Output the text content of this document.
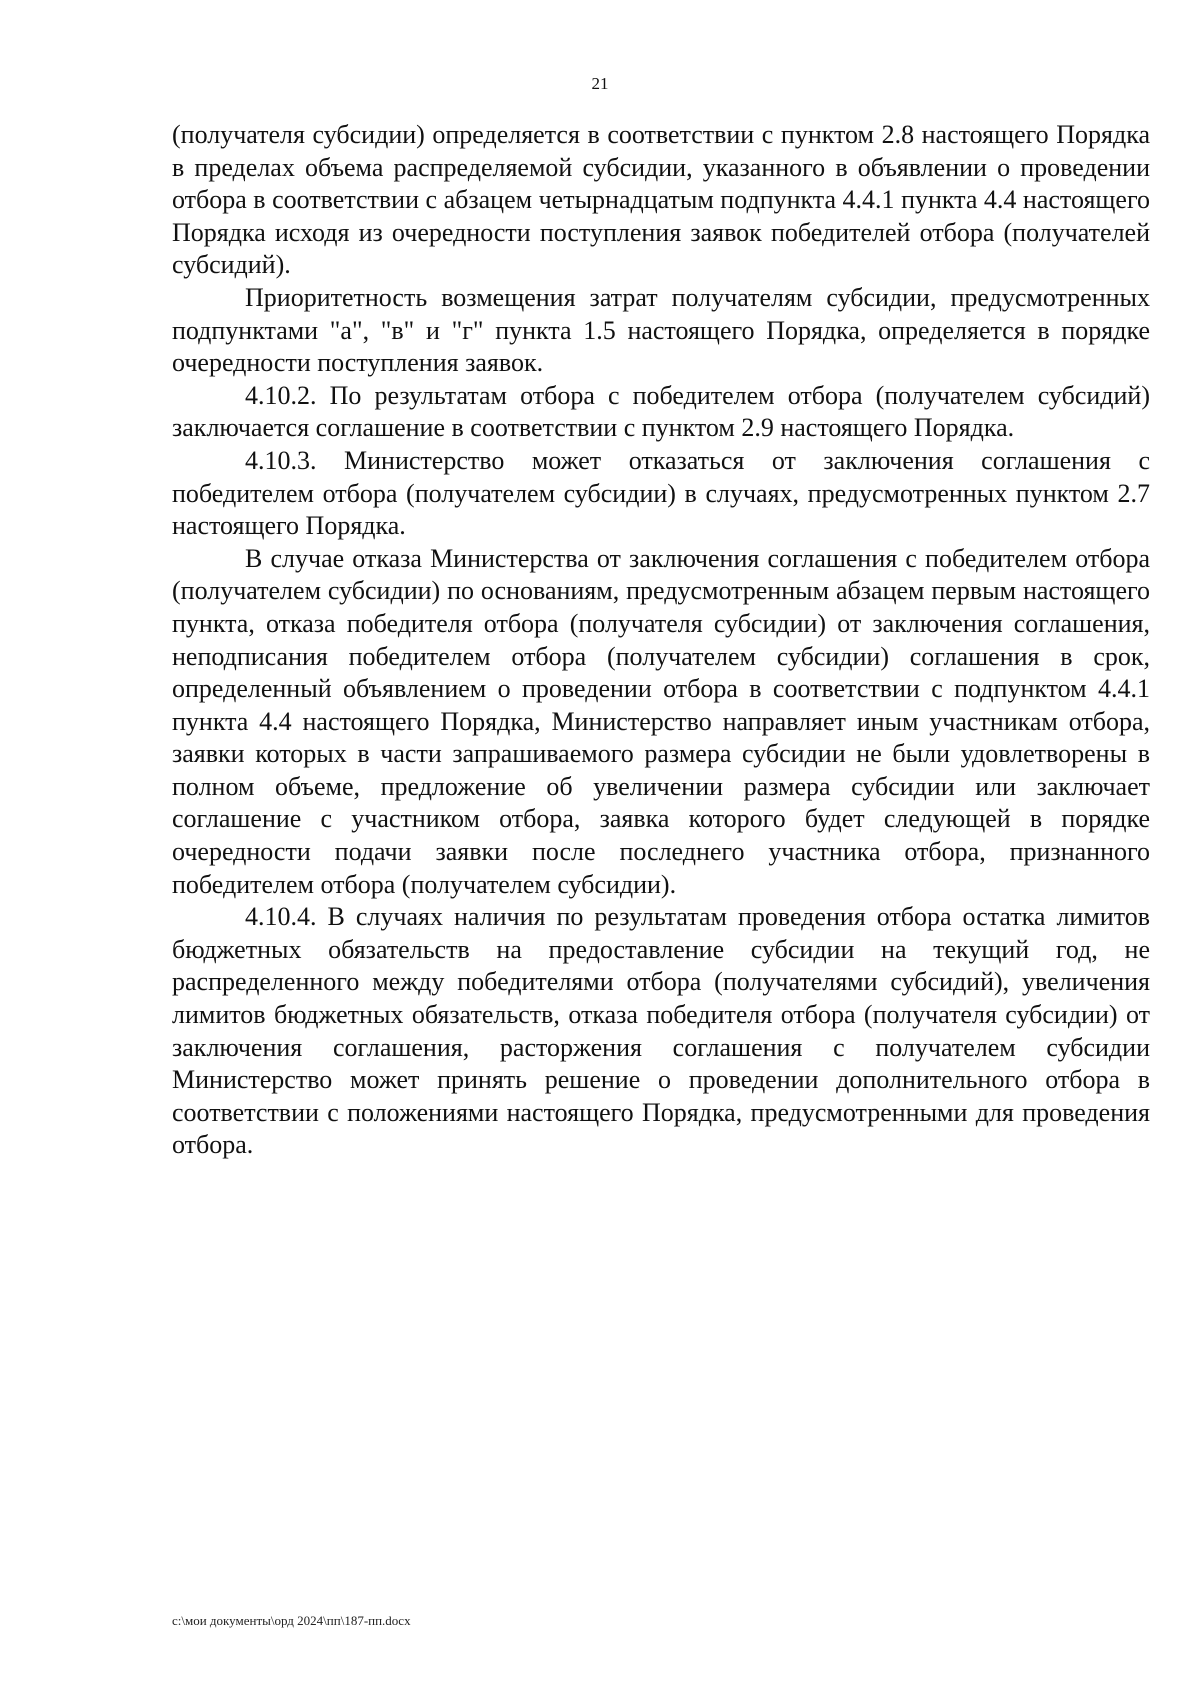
21

(получателя субсидии) определяется в соответствии с пунктом 2.8 настоящего Порядка в пределах объема распределяемой субсидии, указанного в объявлении о проведении отбора в соответствии с абзацем четырнадцатым подпункта 4.4.1 пункта 4.4 настоящего Порядка исходя из очередности поступления заявок победителей отбора (получателей субсидий).

Приоритетность возмещения затрат получателям субсидии, предусмотренных подпунктами "а", "в" и "г" пункта 1.5 настоящего Порядка, определяется в порядке очередности поступления заявок.

4.10.2. По результатам отбора с победителем отбора (получателем субсидий) заключается соглашение в соответствии с пунктом 2.9 настоящего Порядка.

4.10.3. Министерство может отказаться от заключения соглашения с победителем отбора (получателем субсидии) в случаях, предусмотренных пунктом 2.7 настоящего Порядка.

В случае отказа Министерства от заключения соглашения с победителем отбора (получателем субсидии) по основаниям, предусмотренным абзацем первым настоящего пункта, отказа победителя отбора (получателя субсидии) от заключения соглашения, неподписания победителем отбора (получателем субсидии) соглашения в срок, определенный объявлением о проведении отбора в соответствии с подпунктом 4.4.1 пункта 4.4 настоящего Порядка, Министерство направляет иным участникам отбора, заявки которых в части запрашиваемого размера субсидии не были удовлетворены в полном объеме, предложение об увеличении размера субсидии или заключает соглашение с участником отбора, заявка которого будет следующей в порядке очередности подачи заявки после последнего участника отбора, признанного победителем отбора (получателем субсидии).

4.10.4. В случаях наличия по результатам проведения отбора остатка лимитов бюджетных обязательств на предоставление субсидии на текущий год, не распределенного между победителями отбора (получателями субсидий), увеличения лимитов бюджетных обязательств, отказа победителя отбора (получателя субсидии) от заключения соглашения, расторжения соглашения с получателем субсидии Министерство может принять решение о проведении дополнительного отбора в соответствии с положениями настоящего Порядка, предусмотренными для проведения отбора.

c:\мои документы\орд 2024\пп\187-пп.docx
